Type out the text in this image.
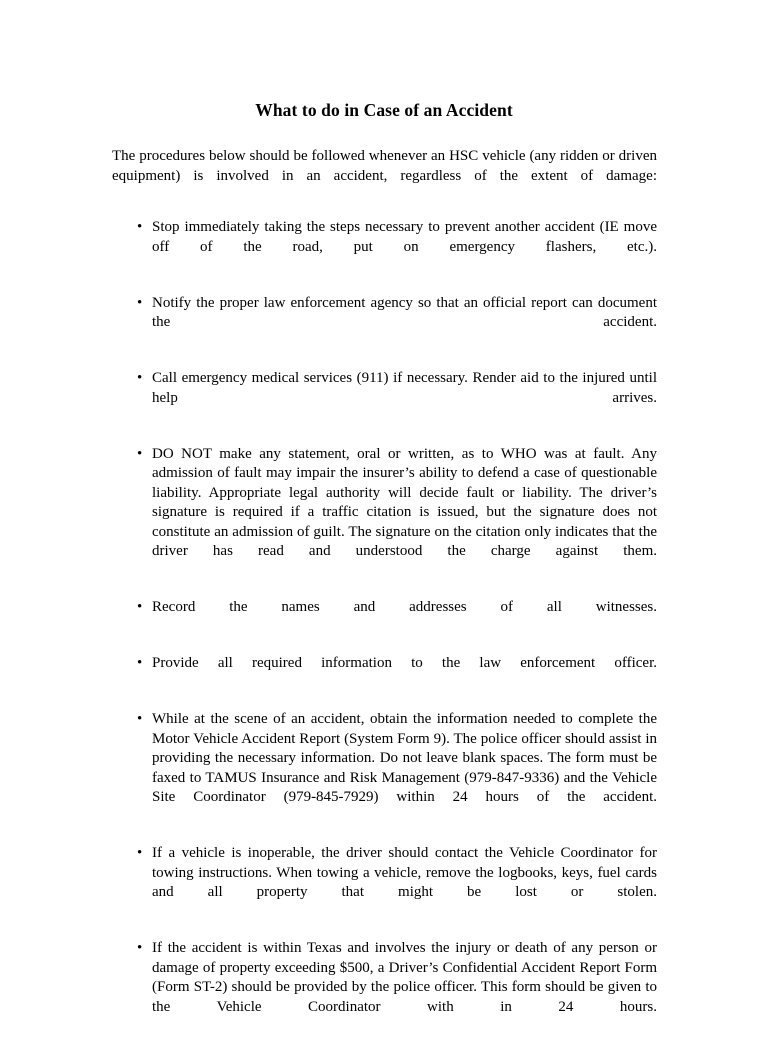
What to do in Case of an Accident

The procedures below should be followed whenever an HSC vehicle (any ridden or driven equipment) is involved in an accident, regardless of the extent of damage:

• Stop immediately taking the steps necessary to prevent another accident (IE move off of the road, put on emergency flashers, etc.).
• Notify the proper law enforcement agency so that an official report can document the accident.
• Call emergency medical services (911) if necessary. Render aid to the injured until help arrives.
• DO NOT make any statement, oral or written, as to WHO was at fault. Any admission of fault may impair the insurer’s ability to defend a case of questionable liability. Appropriate legal authority will decide fault or liability. The driver’s signature is required if a traffic citation is issued, but the signature does not constitute an admission of guilt. The signature on the citation only indicates that the driver has read and understood the charge against them.
• Record the names and addresses of all witnesses.
• Provide all required information to the law enforcement officer.
• While at the scene of an accident, obtain the information needed to complete the Motor Vehicle Accident Report (System Form 9). The police officer should assist in providing the necessary information. Do not leave blank spaces. The form must be faxed to TAMUS Insurance and Risk Management (979-847-9336) and the Vehicle Site Coordinator (979-845-7929) within 24 hours of the accident.
• If a vehicle is inoperable, the driver should contact the Vehicle Coordinator for towing instructions. When towing a vehicle, remove the logbooks, keys, fuel cards and all property that might be lost or stolen.
• If the accident is within Texas and involves the injury or death of any person or damage of property exceeding $500, a Driver’s Confidential Accident Report Form (Form ST-2) should be provided by the police officer. This form should be given to the Vehicle Coordinator with in 24 hours.
